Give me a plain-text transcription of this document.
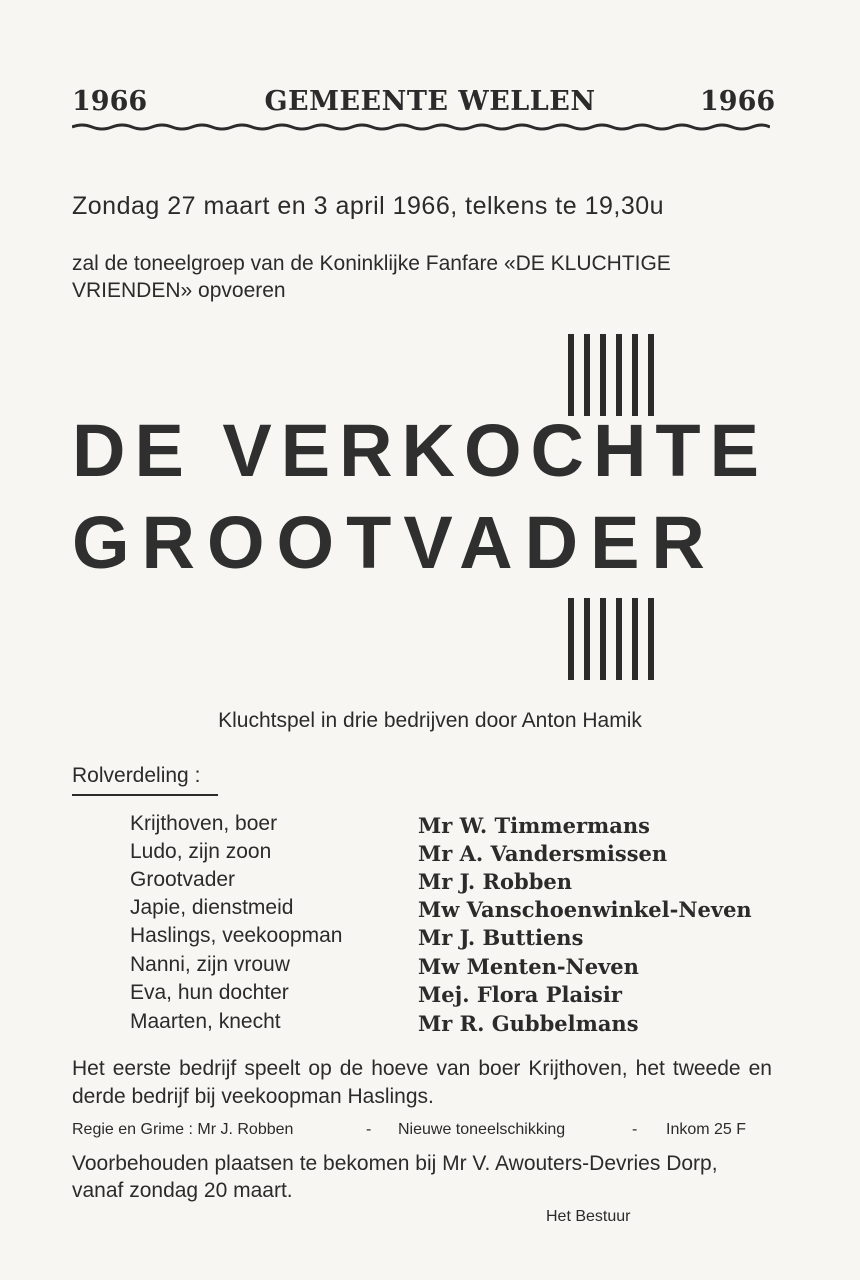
1966	GEMEENTE WELLEN	1966
Zondag 27 maart en 3 april 1966, telkens te 19,30u
zal de toneelgroep van de Koninklijke Fanfare «DE KLUCHTIGE VRIENDEN» opvoeren
DE VERKOCHTE
GROOTVADER
Kluchtspel in drie bedrijven door Anton Hamik
Rolverdeling :
Krijthoven, boer	Mr W. Timmermans
Ludo, zijn zoon	Mr A. Vandersmissen
Grootvader	Mr J. Robben
Japie, dienstmeid	Mw Vanschoenwinkel-Neven
Haslings, veekoopman	Mr J. Buttiens
Nanni, zijn vrouw	Mw Menten-Neven
Eva, hun dochter	Mej. Flora Plaisir
Maarten, knecht	Mr R. Gubbelmans
Het eerste bedrijf speelt op de hoeve van boer Krijthoven, het tweede en derde bedrijf bij veekoopman Haslings.
Regie en Grime : Mr J. Robben	- Nieuwe toneelschikking	- Inkom 25 F
Voorbehouden plaatsen te bekomen bij Mr V. Awouters-Devries Dorp, vanaf zondag 20 maart.
Het Bestuur
